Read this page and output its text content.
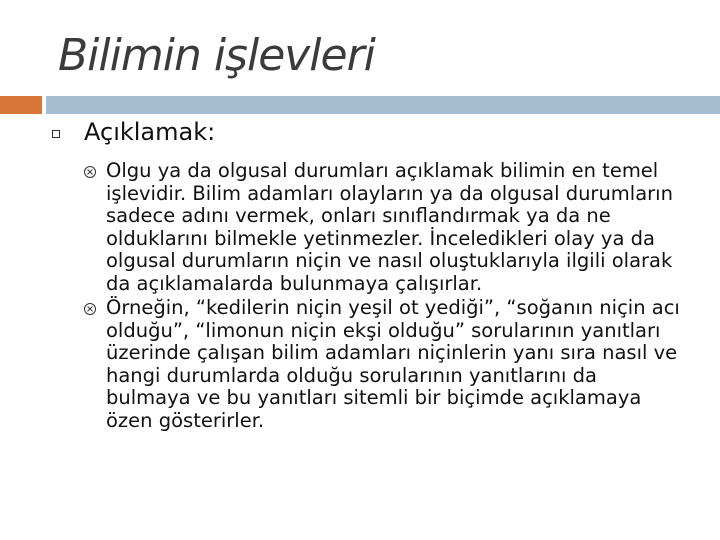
Bilimin işlevleri
Açıklamak:
Olgu ya da olgusal durumları açıklamak bilimin en temel işlevidir. Bilim adamları olayların ya da olgusal durumların sadece adını vermek, onları sınıflandırmak ya da ne olduklarını bilmekle yetinmezler. İnceledikleri olay ya da olgusal durumların niçin ve nasıl oluştuklarıyla ilgili olarak da açıklamalarda bulunmaya çalışırlar.
Örneğin, “kedilerin niçin yeşil ot yediği”, “soğanın niçin acı olduğu”, “limonun niçin ekşi olduğu” sorularının yanıtları üzerinde çalışan bilim adamları niçinlerin yanı sıra nasıl ve hangi durumlarda olduğu sorularının yanıtlarını da bulmaya ve bu yanıtları sitemli bir biçimde açıklamaya özen gösterirler.
